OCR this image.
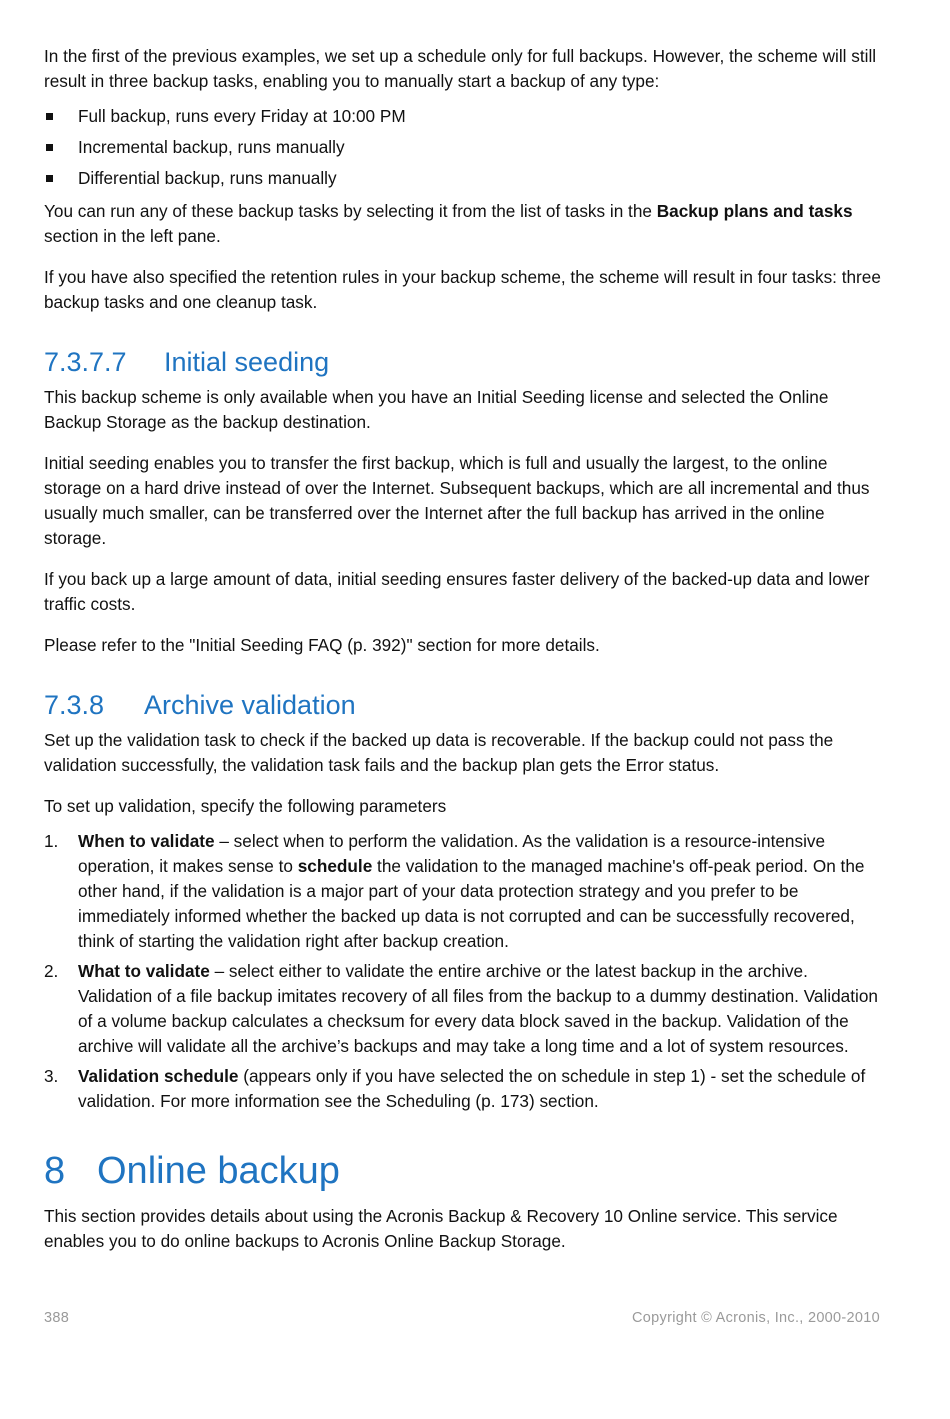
In the first of the previous examples, we set up a schedule only for full backups. However, the scheme will still result in three backup tasks, enabling you to manually start a backup of any type:

Full backup, runs every Friday at 10:00 PM
Incremental backup, runs manually
Differential backup, runs manually

You can run any of these backup tasks by selecting it from the list of tasks in the Backup plans and tasks section in the left pane.

If you have also specified the retention rules in your backup scheme, the scheme will result in four tasks: three backup tasks and one cleanup task.

7.3.7.7 Initial seeding

This backup scheme is only available when you have an Initial Seeding license and selected the Online Backup Storage as the backup destination.

Initial seeding enables you to transfer the first backup, which is full and usually the largest, to the online storage on a hard drive instead of over the Internet. Subsequent backups, which are all incremental and thus usually much smaller, can be transferred over the Internet after the full backup has arrived in the online storage.

If you back up a large amount of data, initial seeding ensures faster delivery of the backed-up data and lower traffic costs.

Please refer to the "Initial Seeding FAQ (p. 392)" section for more details.

7.3.8 Archive validation

Set up the validation task to check if the backed up data is recoverable. If the backup could not pass the validation successfully, the validation task fails and the backup plan gets the Error status.

To set up validation, specify the following parameters

1. When to validate – select when to perform the validation. As the validation is a resource-intensive operation, it makes sense to schedule the validation to the managed machine's off-peak period. On the other hand, if the validation is a major part of your data protection strategy and you prefer to be immediately informed whether the backed up data is not corrupted and can be successfully recovered, think of starting the validation right after backup creation.
2. What to validate – select either to validate the entire archive or the latest backup in the archive. Validation of a file backup imitates recovery of all files from the backup to a dummy destination. Validation of a volume backup calculates a checksum for every data block saved in the backup. Validation of the archive will validate all the archive’s backups and may take a long time and a lot of system resources.
3. Validation schedule (appears only if you have selected the on schedule in step 1) - set the schedule of validation. For more information see the Scheduling (p. 173) section.
8 Online backup

This section provides details about using the Acronis Backup & Recovery 10 Online service. This service enables you to do online backups to Acronis Online Backup Storage.

388	Copyright © Acronis, Inc., 2000-2010
